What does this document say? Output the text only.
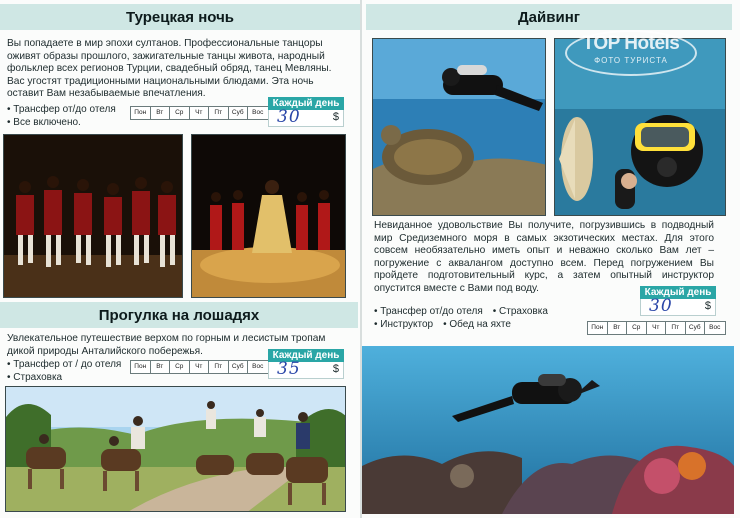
Турецкая ночь
Вы попадаете в мир эпохи султанов. Профессиональные танцоры оживят образы прошлого, зажигательные танцы живота, народный фольклер всех регионов Турции, свадебный обряд, танец Мевляны. Вас угостят традиционными национальными блюдами. Эта ночь оставит Вам незабываемые впечатления.
• Трансфер от/до отеля
• Все включено.
Пон	Вт	Ср	Чт	Пт	Суб	Вос
Каждый день
30	$
Прогулка на лошадях
Увлекательное путешествие верхом по горным и лесистым тропам дикой природы Анталийского побережья.
• Трансфер от / до отеля
• Страховка
Пон	Вт	Ср	Чт	Пт	Суб	Вос
Каждый день
35	$
Дайвинг
Невиданное удовольствие Вы получите, погрузившись в подводный мир Средиземного моря в самых экзотических местах. Для этого совсем необязательно иметь опыт и неважно сколько Вам лет – погружение с аквалангом доступно всем. Перед погружением Вы пройдете подготовительный курс, а затем опытный инструктор опустится вместе с Вами под воду.
• Трансфер от/до отеля • Страховка
• Инструктор • Обед на яхте
Каждый день
30	$
Пон	Вт	Ср	Чт	Пт	Суб	Вос
TOP Hotels
ФОТО ТУРИСТА
